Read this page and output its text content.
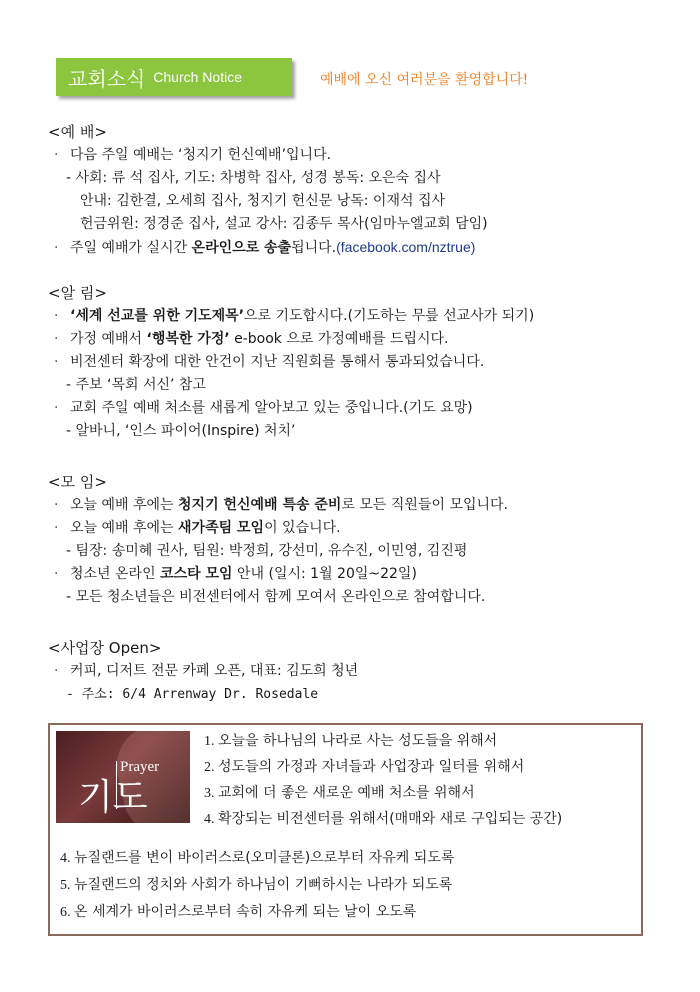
교회소식 Church Notice	예배에 오신 여러분을 환영합니다!
<예 배>
· 다음 주일 예배는 ‘청지기 헌신예배’입니다.
- 사회: 류 석 집사, 기도: 차병학 집사, 성경 봉독: 오은숙 집사
안내: 김한결, 오세희 집사, 청지기 헌신문 낭독: 이재석 집사
헌금위원: 정경준 집사, 설교 강사: 김종두 목사(임마누엘교회 담임)
· 주일 예배가 실시간 온라인으로 송출됩니다.(facebook.com/nztrue)
<알 림>
· ‘세계 선교를 위한 기도제목’으로 기도합시다.(기도하는 무릎 선교사가 되기)
· 가정 예배서 ‘행복한 가정’ e-book 으로 가정예배를 드립시다.
· 비전센터 확장에 대한 안건이 지난 직원회를 통해서 통과되었습니다.
- 주보 ‘목회 서신’ 참고
· 교회 주일 예배 처소를 새롭게 알아보고 있는 중입니다.(기도 요망)
- 알바니, ‘인스 파이어(Inspire) 처치’
<모 임>
· 오늘 예배 후에는 청지기 헌신예배 특송 준비로 모든 직원들이 모입니다.
· 오늘 예배 후에는 새가족팀 모임이 있습니다.
- 팀장: 송미혜 권사, 팀원: 박정희, 강선미, 유수진, 이민영, 김진평
· 청소년 온라인 코스타 모임 안내 (일시: 1월 20일~22일)
- 모든 청소년들은 비전센터에서 함께 모여서 온라인으로 참여합니다.
<사업장 Open>
· 커피, 디저트 전문 카페 오픈, 대표: 김도희 청년
- 주소: 6/4 Arrenway Dr. Rosedale
기도
Prayer
1. 오늘을 하나님의 나라로 사는 성도들을 위해서
2. 성도들의 가정과 자녀들과 사업장과 일터를 위해서
3. 교회에 더 좋은 새로운 예배 처소를 위해서
4. 확장되는 비전센터를 위해서(매매와 새로 구입되는 공간)
4. 뉴질랜드를 변이 바이러스로(오미클론)으로부터 자유케 되도록
5. 뉴질랜드의 정치와 사회가 하나님이 기뻐하시는 나라가 되도록
6. 온 세계가 바이러스로부터 속히 자유케 되는 날이 오도록
